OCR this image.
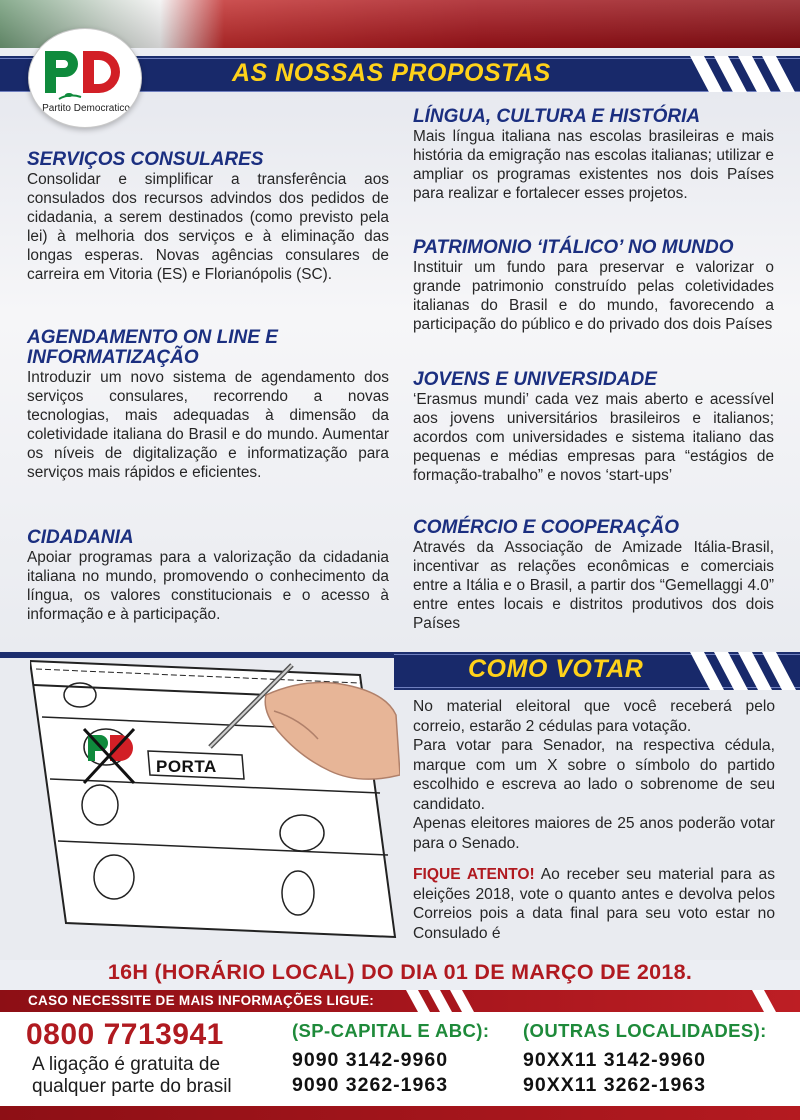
Partito Democratico
AS NOSSAS PROPOSTAS
SERVIÇOS CONSULARES
Consolidar e simplificar a transferência aos consulados dos recursos advindos dos pedidos de cidadania, a serem destinados (como previsto pela lei) à melhoria dos serviços e à eliminação das longas esperas. Novas agências consulares de carreira em Vitoria (ES) e Florianópolis (SC).
AGENDAMENTO ON LINE E INFORMATIZAÇÃO
Introduzir um novo sistema de agendamento dos serviços consulares, recorrendo a novas tecnologias, mais adequadas à dimensão da coletividade italiana do Brasil e do mundo. Aumentar os níveis de digitalização e informatização para serviços mais rápidos e eficientes.
CIDADANIA
Apoiar programas para a valorização da cidadania italiana no mundo, promovendo o conhecimento da língua, os valores constitucionais e o acesso à informação e à participação.
LÍNGUA, CULTURA E HISTÓRIA
Mais língua italiana nas escolas brasileiras e mais história da emigração nas escolas italianas; utilizar e ampliar os programas existentes nos dois Países para realizar e fortalecer esses projetos.
PATRIMONIO ‘ITÁLICO’ NO MUNDO
Instituir um fundo para preservar e valorizar o grande patrimonio construído pelas coletividades italianas do Brasil e do mundo, favorecendo a participação do público e do privado dos dois Países
JOVENS E UNIVERSIDADE
‘Erasmus mundi’ cada vez mais aberto e acessível aos jovens universitários brasileiros e italianos; acordos com universidades e sistema italiano das pequenas e médias empresas para “estágios de formação-trabalho” e novos ‘start-ups’
COMÉRCIO E COOPERAÇÃO
Através da Associação de Amizade Itália-Brasil, incentivar as relações econômicas e comerciais entre a Itália e o Brasil, a partir dos “Gemellaggi 4.0” entre entes locais e distritos produtivos dos dois Países
COMO VOTAR
PORTA
No material eleitoral que você receberá pelo correio, estarão 2 cédulas para votação.
Para votar para Senador, na respectiva cédula, marque com um X sobre o símbolo do partido escolhido e escreva ao lado o sobrenome de seu candidato.
Apenas eleitores maiores de 25 anos poderão votar para o Senado.
FIQUE ATENTO! Ao receber seu material para as eleições 2018, vote o quanto antes e devolva pelos Correios pois a data final para seu voto estar no Consulado é
16H (HORÁRIO LOCAL) DO DIA 01 DE MARÇO DE 2018.
CASO NECESSITE DE MAIS INFORMAÇÕES LIGUE:
0800 7713941
A ligação é gratuita de
qualquer parte do brasil
(SP-CAPITAL E ABC):
9090 3142-9960
9090 3262-1963
(OUTRAS LOCALIDADES):
90XX11 3142-9960
90XX11 3262-1963
